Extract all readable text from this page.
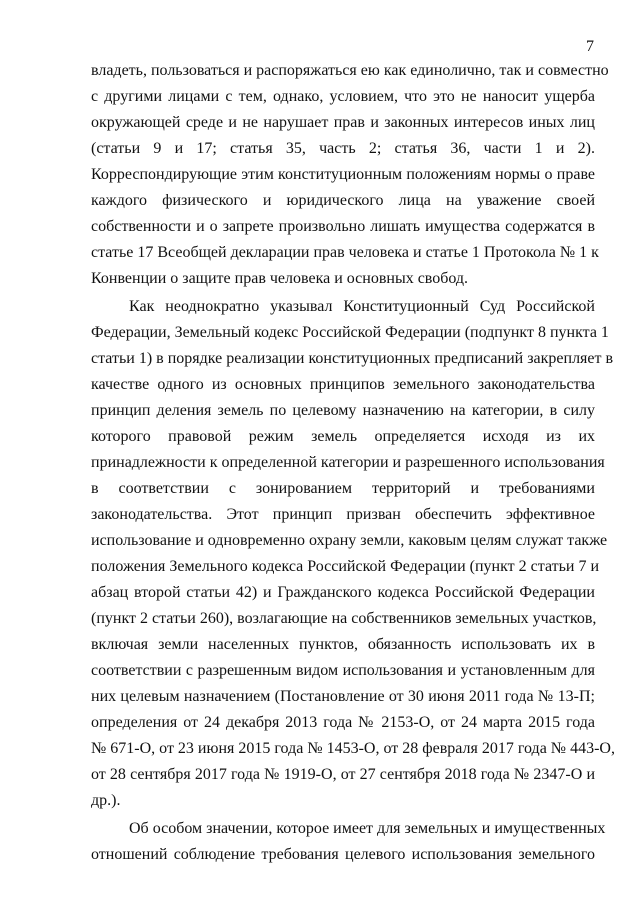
7
владеть, пользоваться и распоряжаться ею как единолично, так и совместно
с другими лицами с тем, однако, условием, что это не наносит ущерба
окружающей среде и не нарушает прав и законных интересов иных лиц
(статьи 9 и 17; статья 35, часть 2; статья 36, части 1 и 2).
Корреспондирующие этим конституционным положениям нормы о праве
каждого физического и юридического лица на уважение своей
собственности и о запрете произвольно лишать имущества содержатся в
статье 17 Всеобщей декларации прав человека и статье 1 Протокола № 1 к
Конвенции о защите прав человека и основных свобод.
Как неоднократно указывал Конституционный Суд Российской
Федерации, Земельный кодекс Российской Федерации (подпункт 8 пункта 1
статьи 1) в порядке реализации конституционных предписаний закрепляет в
качестве одного из основных принципов земельного законодательства
принцип деления земель по целевому назначению на категории, в силу
которого правовой режим земель определяется исходя из их
принадлежности к определенной категории и разрешенного использования
в соответствии с зонированием территорий и требованиями
законодательства. Этот принцип призван обеспечить эффективное
использование и одновременно охрану земли, каковым целям служат также
положения Земельного кодекса Российской Федерации (пункт 2 статьи 7 и
абзац второй статьи 42) и Гражданского кодекса Российской Федерации
(пункт 2 статьи 260), возлагающие на собственников земельных участков,
включая земли населенных пунктов, обязанность использовать их в
соответствии с разрешенным видом использования и установленным для
них целевым назначением (Постановление от 30 июня 2011 года № 13-П;
определения от 24 декабря 2013 года № 2153-О, от 24 марта 2015 года
№ 671-О, от 23 июня 2015 года № 1453-О, от 28 февраля 2017 года № 443-О,
от 28 сентября 2017 года № 1919-О, от 27 сентября 2018 года № 2347-О и
др.).
Об особом значении, которое имеет для земельных и имущественных
отношений соблюдение требования целевого использования земельного
